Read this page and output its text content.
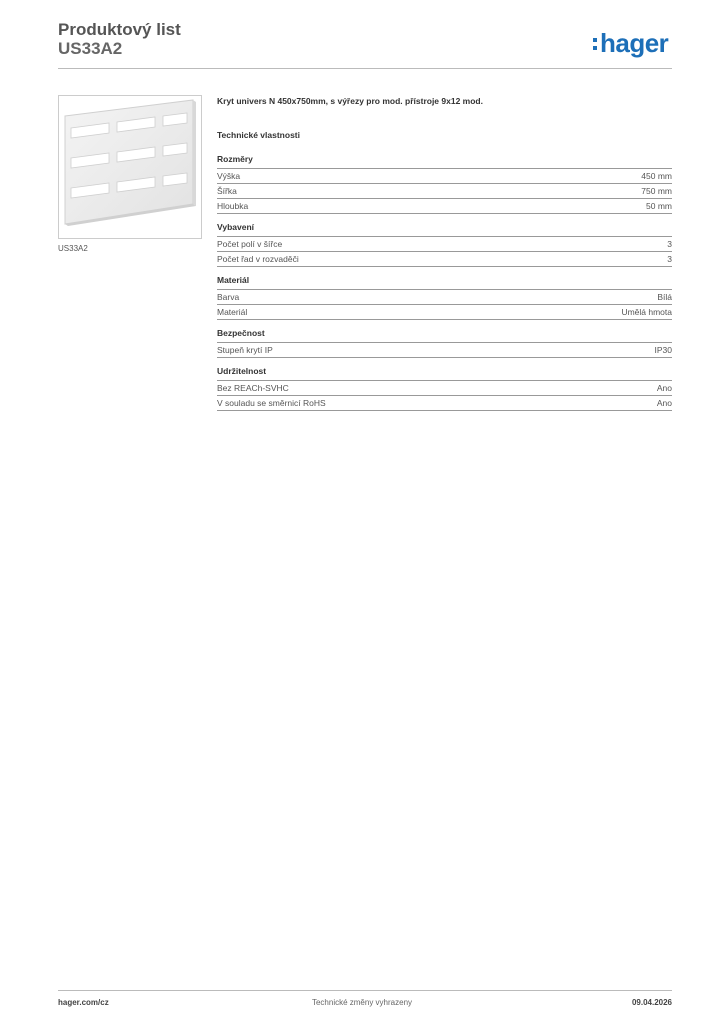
Produktový list
US33A2	hager
US33A2

Kryt univers N 450x750mm, s výřezy pro mod. přístroje 9x12 mod.

Technické vlastnosti

Rozměry
Výška	450 mm
Šířka	750 mm
Hloubka	50 mm
Vybavení
Počet polí v šířce	3
Počet řad v rozvaděči	3
Materiál
Barva	Bílá
Materiál	Umělá hmota
Bezpečnost
Stupeň krytí IP	IP30
Udržitelnost
Bez REACh-SVHC	Ano
V souladu se směrnicí RoHS	Ano
hager.com/cz	Technické změny vyhrazeny	09.04.2026
